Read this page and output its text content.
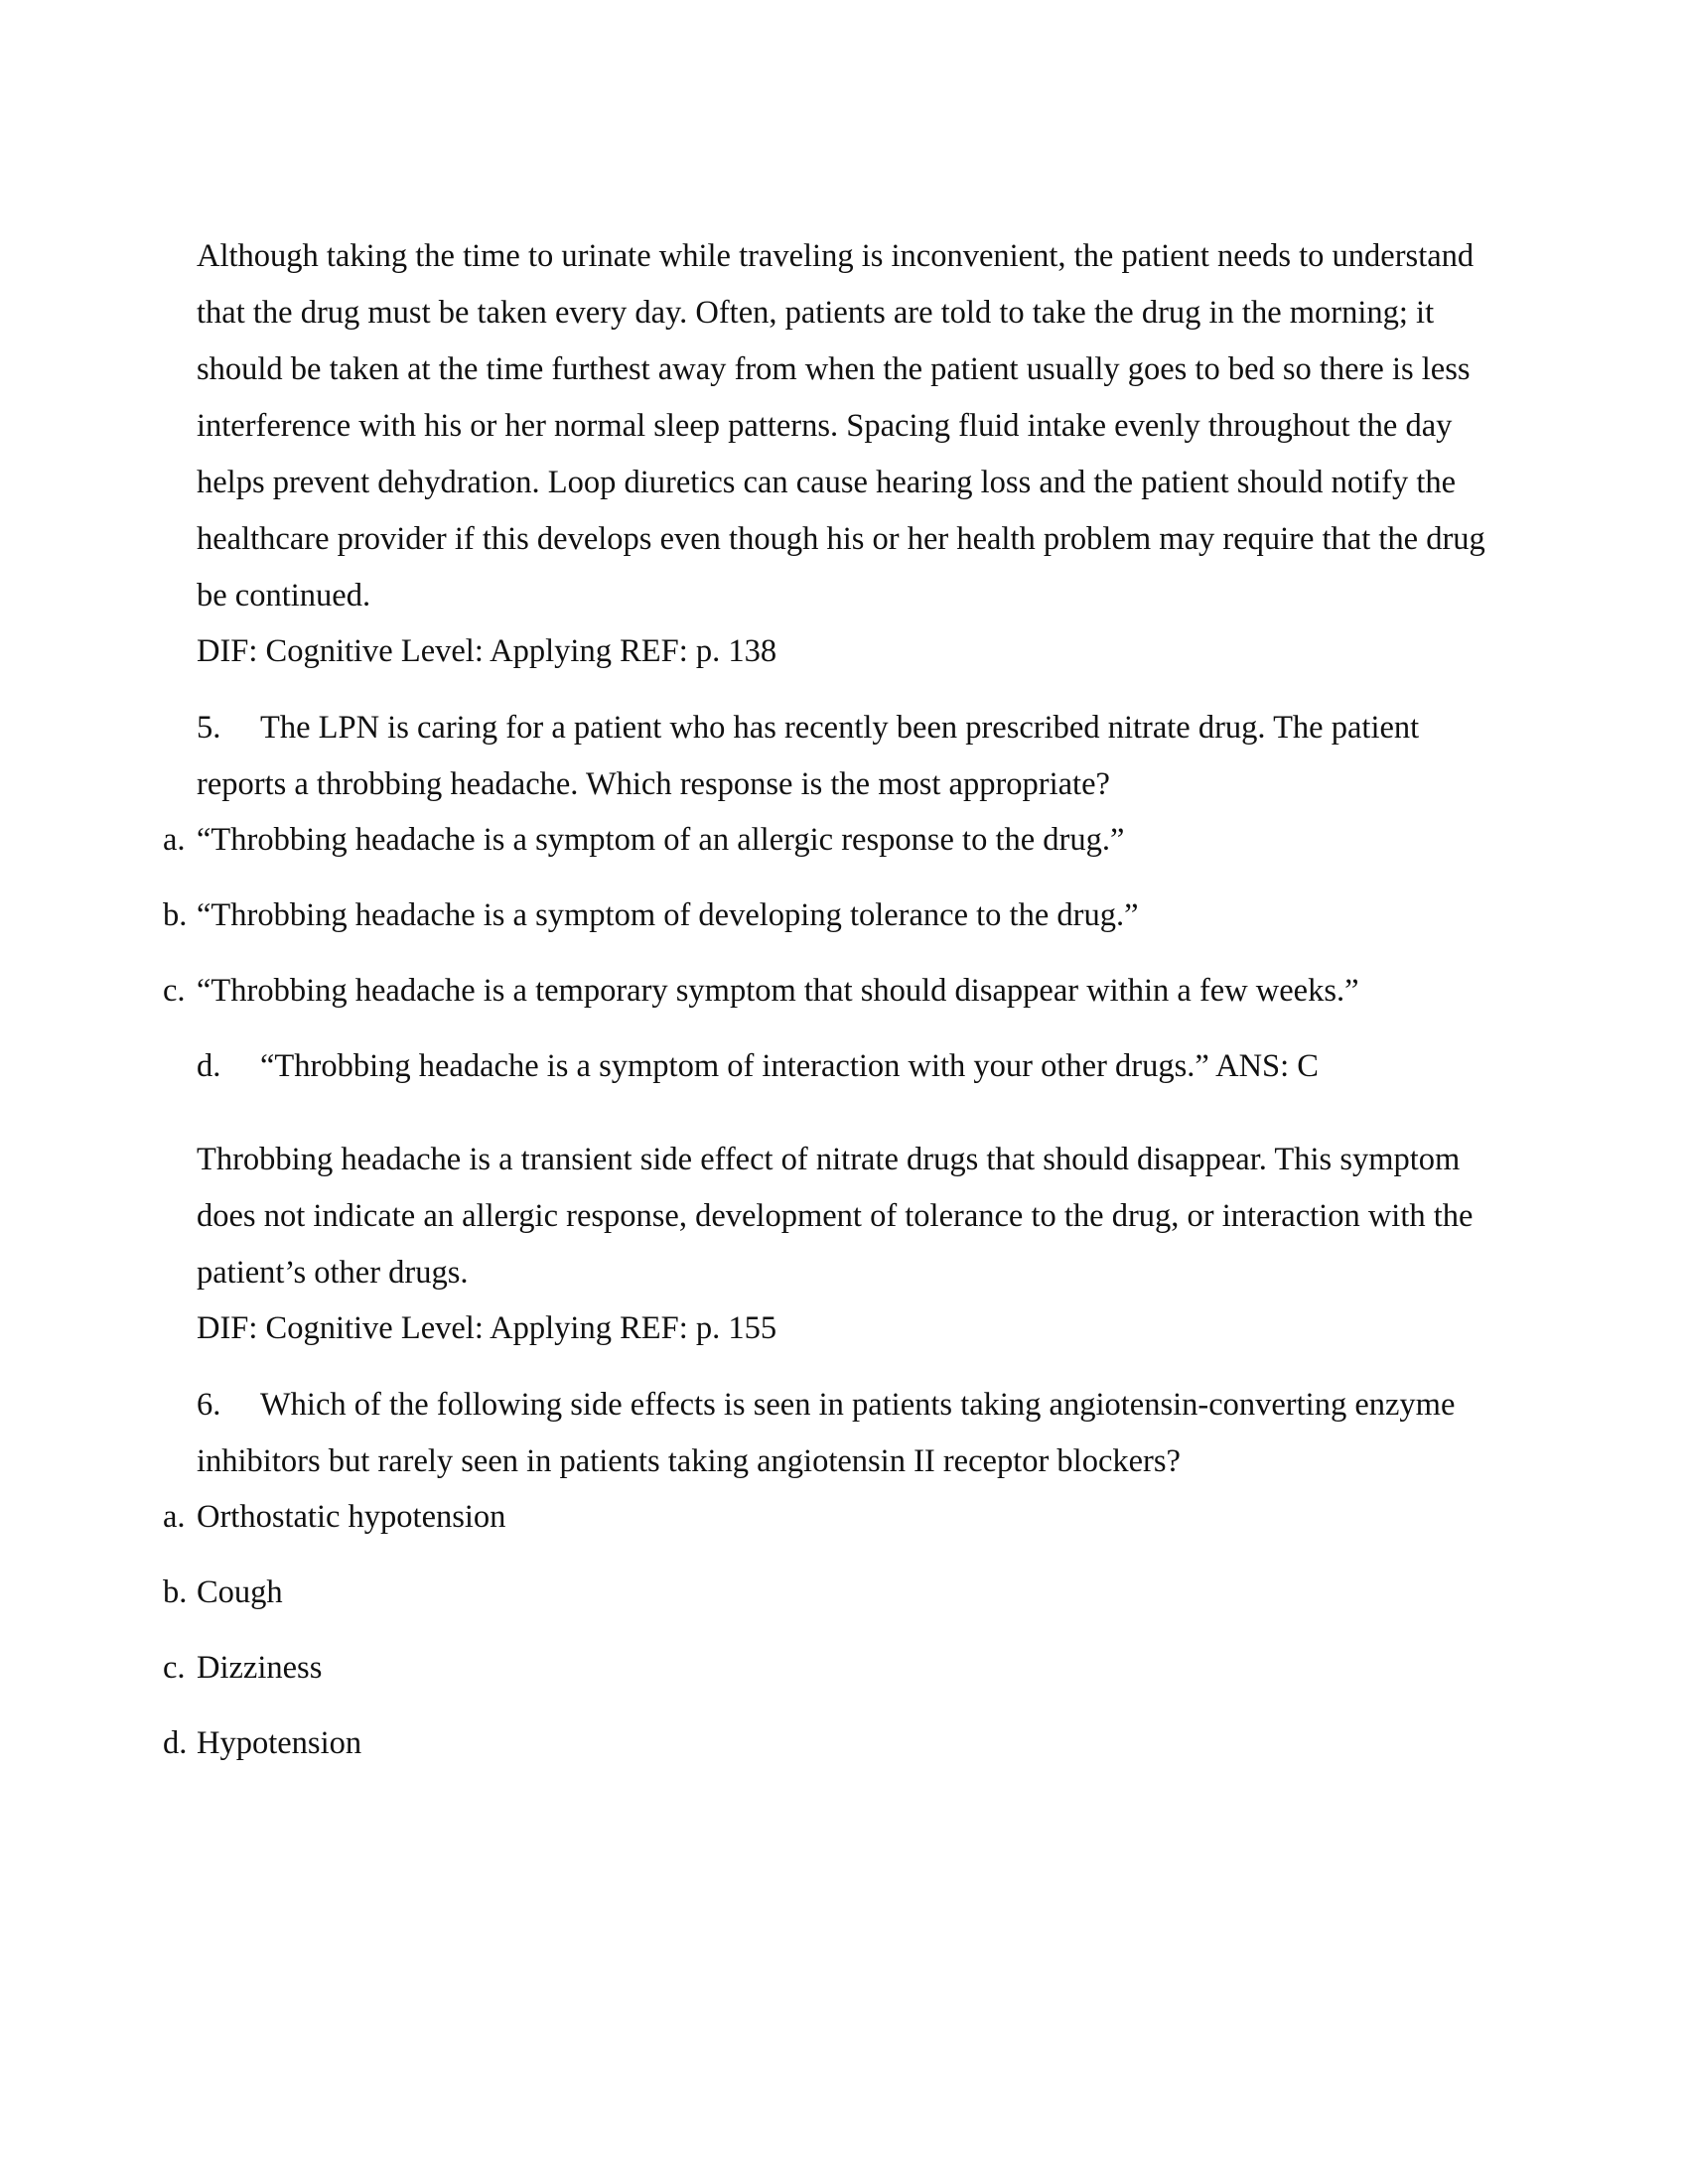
Although taking the time to urinate while traveling is inconvenient, the patient needs to understand that the drug must be taken every day. Often, patients are told to take the drug in the morning; it should be taken at the time furthest away from when the patient usually goes to bed so there is less interference with his or her normal sleep patterns. Spacing fluid intake evenly throughout the day helps prevent dehydration. Loop diuretics can cause hearing loss and the patient should notify the healthcare provider if this develops even though his or her health problem may require that the drug be continued.

DIF: Cognitive Level: Applying REF: p. 138

5. The LPN is caring for a patient who has recently been prescribed nitrate drug. The patient reports a throbbing headache. Which response is the most appropriate?

a. “Throbbing headache is a symptom of an allergic response to the drug.”

b. “Throbbing headache is a symptom of developing tolerance to the drug.”

c. “Throbbing headache is a temporary symptom that should disappear within a few weeks.”

d. “Throbbing headache is a symptom of interaction with your other drugs.” ANS: C

Throbbing headache is a transient side effect of nitrate drugs that should disappear. This symptom does not indicate an allergic response, development of tolerance to the drug, or interaction with the patient’s other drugs.

DIF: Cognitive Level: Applying REF: p. 155

6. Which of the following side effects is seen in patients taking angiotensin-converting enzyme inhibitors but rarely seen in patients taking angiotensin II receptor blockers?

a. Orthostatic hypotension

b. Cough

c. Dizziness

d. Hypotension
